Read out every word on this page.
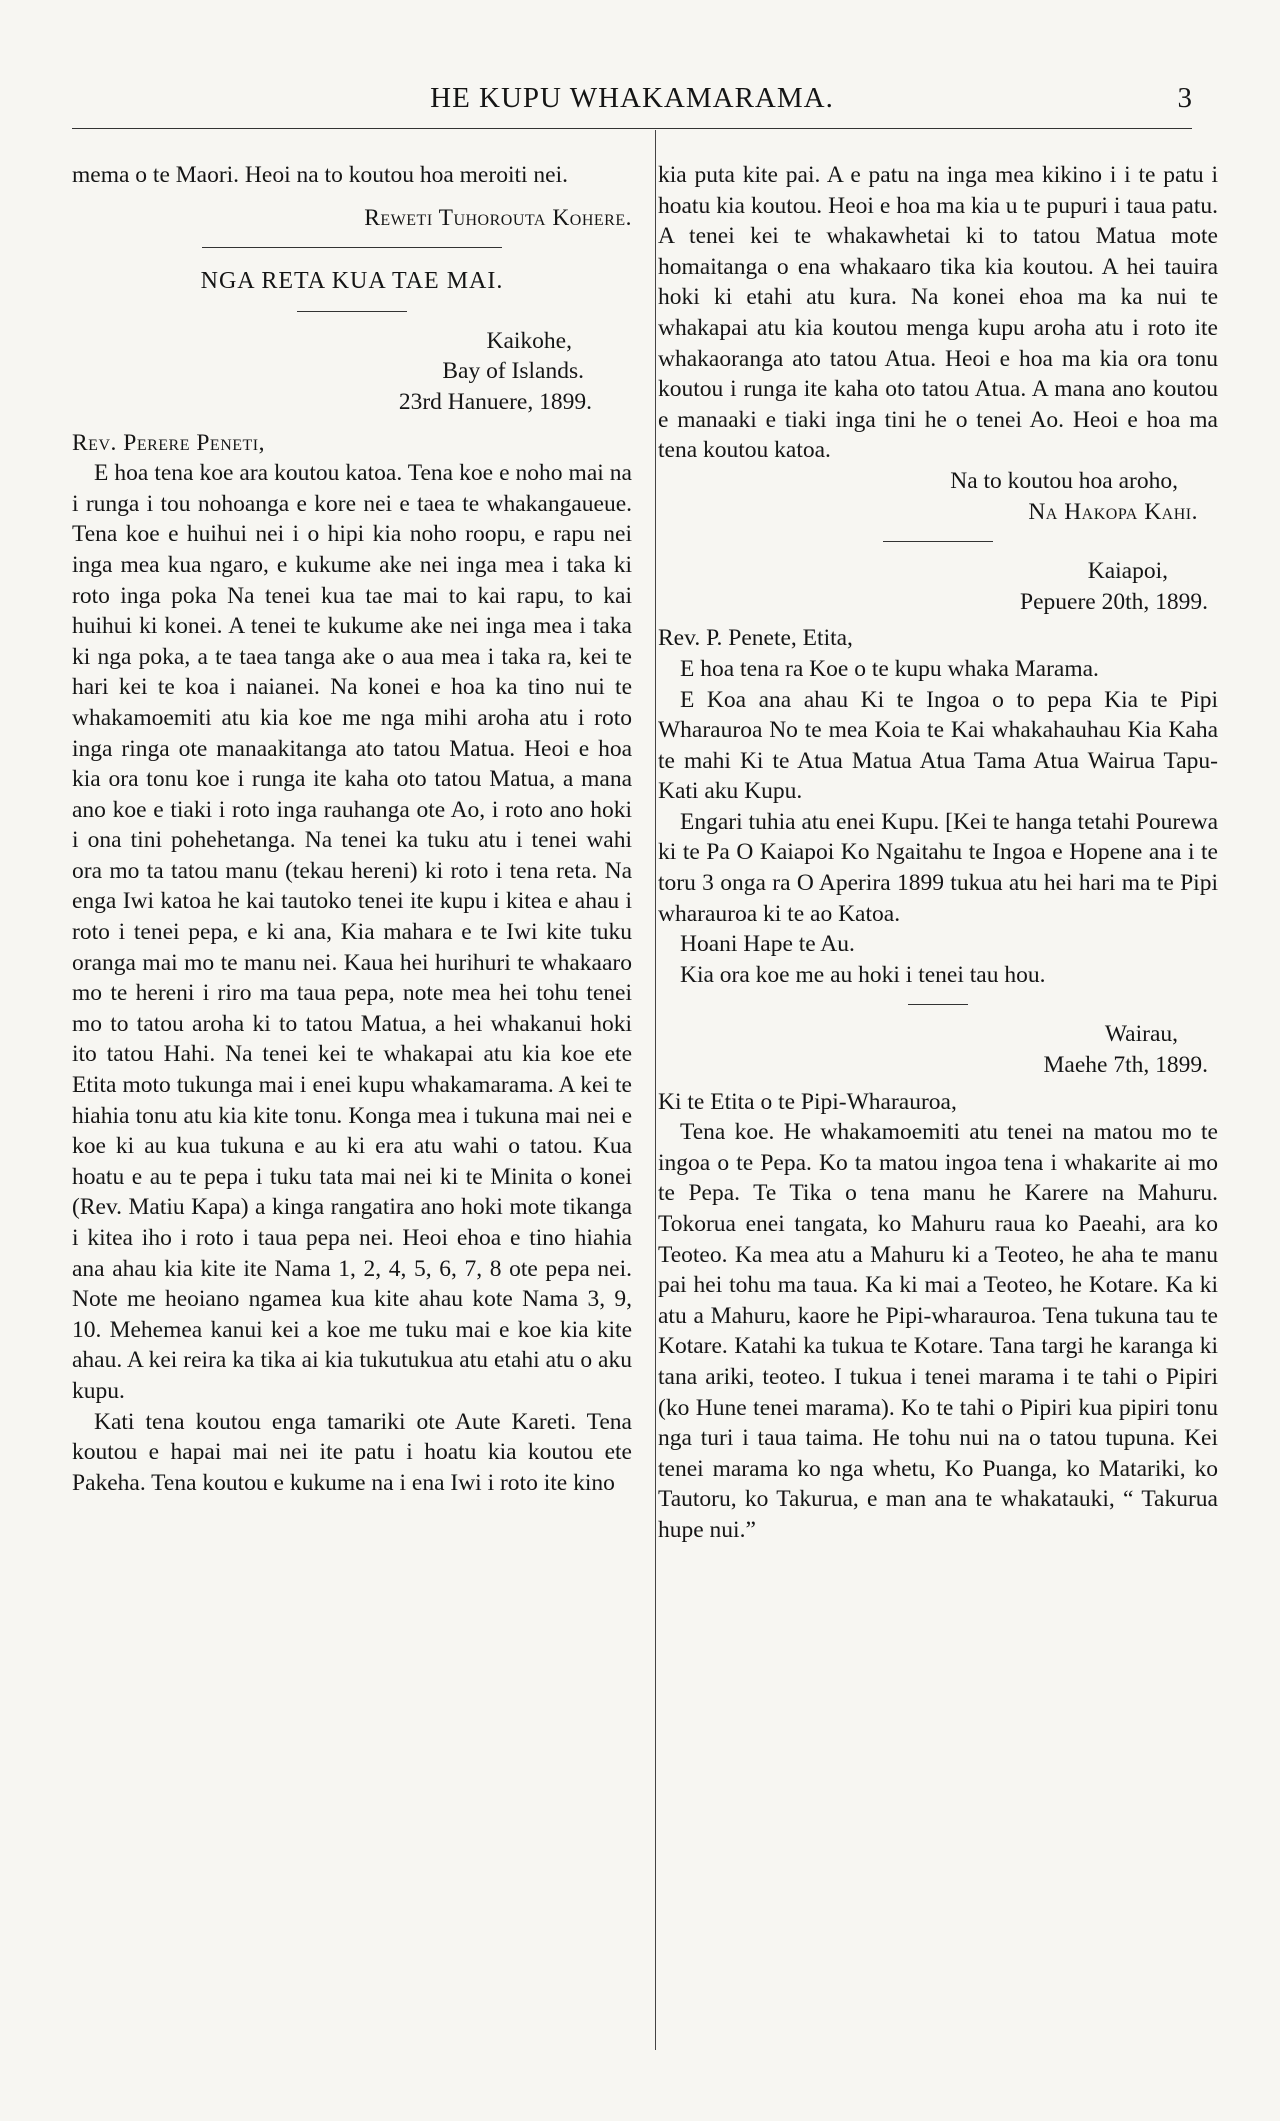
HE KUPU WHAKAMARAMA.	3

mema o te Maori. Heoi na to koutou hoa meroiti nei.

Reweti Tuhorouta Kohere.

NGA RETA KUA TAE MAI.

Kaikohe,

Bay of Islands.

23rd Hanuere, 1899.

Rev. Perere Peneti,

E hoa tena koe ara koutou katoa. Tena koe e noho mai na i runga i tou nohoanga e kore nei e taea te whakangaueue. Tena koe e huihui nei i o hipi kia noho roopu, e rapu nei inga mea kua ngaro, e kukume ake nei inga mea i taka ki roto inga poka Na tenei kua tae mai to kai rapu, to kai huihui ki konei. A tenei te kukume ake nei inga mea i taka ki nga poka, a te taea tanga ake o aua mea i taka ra, kei te hari kei te koa i naianei. Na konei e hoa ka tino nui te whakamoemiti atu kia koe me nga mihi aroha atu i roto inga ringa ote manaakitanga ato tatou Matua. Heoi e hoa kia ora tonu koe i runga ite kaha oto tatou Matua, a mana ano koe e tiaki i roto inga rauhanga ote Ao, i roto ano hoki i ona tini pohehetanga. Na tenei ka tuku atu i tenei wahi ora mo ta tatou manu (tekau hereni) ki roto i tena reta. Na enga Iwi katoa he kai tautoko tenei ite kupu i kitea e ahau i roto i tenei pepa, e ki ana, Kia mahara e te Iwi kite tuku oranga mai mo te manu nei. Kaua hei hurihuri te whakaaro mo te hereni i riro ma taua pepa, note mea hei tohu tenei mo to tatou aroha ki to tatou Matua, a hei whakanui hoki ito tatou Hahi. Na tenei kei te whakapai atu kia koe ete Etita moto tukunga mai i enei kupu whakamarama. A kei te hiahia tonu atu kia kite tonu. Konga mea i tukuna mai nei e koe ki au kua tukuna e au ki era atu wahi o tatou. Kua hoatu e au te pepa i tuku tata mai nei ki te Minita o konei (Rev. Matiu Kapa) a kinga rangatira ano hoki mote tikanga i kitea iho i roto i taua pepa nei. Heoi ehoa e tino hiahia ana ahau kia kite ite Nama 1, 2, 4, 5, 6, 7, 8 ote pepa nei. Note me heoiano ngamea kua kite ahau kote Nama 3, 9, 10. Mehemea kanui kei a koe me tuku mai e koe kia kite ahau. A kei reira ka tika ai kia tukutukua atu etahi atu o aku kupu.

Kati tena koutou enga tamariki ote Aute Kareti. Tena koutou e hapai mai nei ite patu i hoatu kia koutou ete Pakeha. Tena koutou e kukume na i ena Iwi i roto ite kino

kia puta kite pai. A e patu na inga mea kikino i i te patu i hoatu kia koutou. Heoi e hoa ma kia u te pupuri i taua patu. A tenei kei te whakawhetai ki to tatou Matua mote homaitanga o ena whakaaro tika kia koutou. A hei tauira hoki ki etahi atu kura. Na konei ehoa ma ka nui te whakapai atu kia koutou menga kupu aroha atu i roto ite whakaoranga ato tatou Atua. Heoi e hoa ma kia ora tonu koutou i runga ite kaha oto tatou Atua. A mana ano koutou e manaaki e tiaki inga tini he o tenei Ao. Heoi e hoa ma tena koutou katoa.

Na to koutou hoa aroho,

Na Hakopa Kahi.

Kaiapoi,

Pepuere 20th, 1899.

Rev. P. Penete, Etita,

E hoa tena ra Koe o te kupu whaka Marama.

E Koa ana ahau Ki te Ingoa o to pepa Kia te Pipi Wharauroa No te mea Koia te Kai whakahauhau Kia Kaha te mahi Ki te Atua Matua Atua Tama Atua Wairua Tapu-Kati aku Kupu.

Engari tuhia atu enei Kupu. [Kei te hanga tetahi Pourewa ki te Pa O Kaiapoi Ko Ngaitahu te Ingoa e Hopene ana i te toru 3 onga ra O Aperira 1899 tukua atu hei hari ma te Pipi wharauroa ki te ao Katoa.

Hoani Hape te Au.

Kia ora koe me au hoki i tenei tau hou.

Wairau,

Maehe 7th, 1899.

Ki te Etita o te Pipi-Wharauroa,

Tena koe. He whakamoemiti atu tenei na matou mo te ingoa o te Pepa. Ko ta matou ingoa tena i whakarite ai mo te Pepa. Te Tika o tena manu he Karere na Mahuru. Tokorua enei tangata, ko Mahuru raua ko Paeahi, ara ko Teoteo. Ka mea atu a Mahuru ki a Teoteo, he aha te manu pai hei tohu ma taua. Ka ki mai a Teoteo, he Kotare. Ka ki atu a Mahuru, kaore he Pipi-wharauroa. Tena tukuna tau te Kotare. Katahi ka tukua te Kotare. Tana targi he karanga ki tana ariki, teoteo. I tukua i tenei marama i te tahi o Pipiri (ko Hune tenei marama). Ko te tahi o Pipiri kua pipiri tonu nga turi i taua taima. He tohu nui na o tatou tupuna. Kei tenei marama ko nga whetu, Ko Puanga, ko Matariki, ko Tautoru, ko Takurua, e man ana te whakatauki, “ Takurua hupe nui.”
